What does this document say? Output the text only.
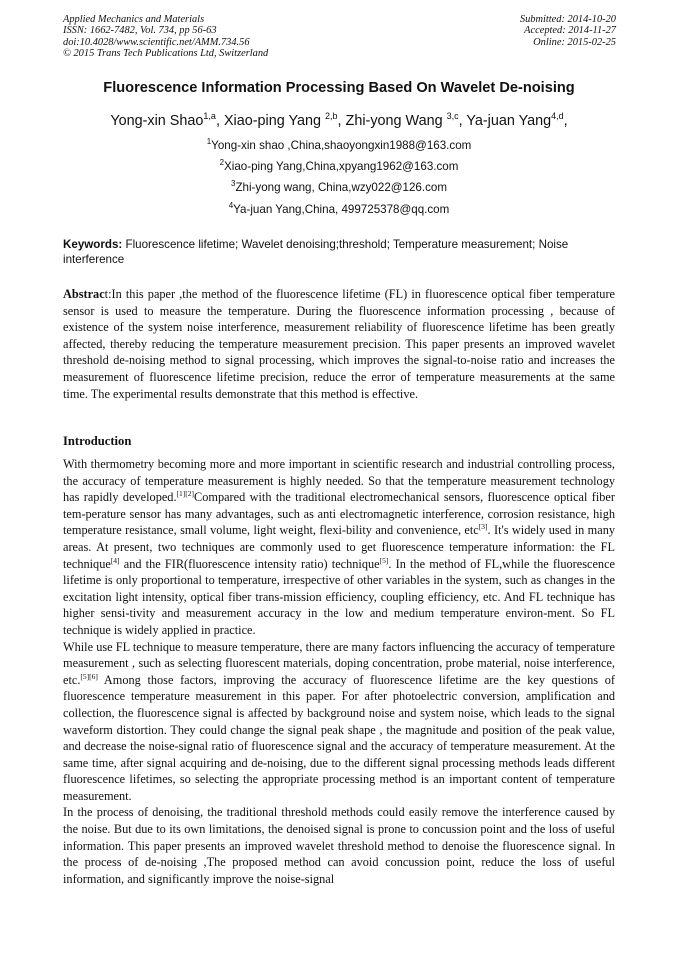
Applied Mechanics and Materials
ISSN: 1662-7482, Vol. 734, pp 56-63
doi:10.4028/www.scientific.net/AMM.734.56
© 2015 Trans Tech Publications Ltd, Switzerland
Submitted: 2014-10-20
Accepted: 2014-11-27
Online: 2015-02-25
Fluorescence Information Processing Based On Wavelet De-noising
Yong-xin Shao$^{1,a}$, Xiao-ping Yang $^{2,b}$, Zhi-yong Wang $^{3,c}$, Ya-juan Yang$^{4,d}$,
$^1$Yong-xin shao ,China,shaoyongxin1988@163.com
$^2$Xiao-ping Yang,China,xpyang1962@163.com
$^3$Zhi-yong wang, China,wzy022@126.com
$^4$Ya-juan Yang,China, 499725378@qq.com
Keywords: Fluorescence lifetime; Wavelet denoising;threshold; Temperature measurement; Noise interference

Abstract:In this paper ,the method of the fluorescence lifetime (FL) in fluorescence optical fiber temperature sensor is used to measure the temperature. During the fluorescence information processing , because of existence of the system noise interference, measurement reliability of fluorescence lifetime has been greatly affected, thereby reducing the temperature measurement precision. This paper presents an improved wavelet threshold de-noising method to signal processing, which improves the signal-to-noise ratio and increases the measurement of fluorescence lifetime precision, reduce the error of temperature measurements at the same time. The experimental results demonstrate that this method is effective.

Introduction

With thermometry becoming more and more important in scientific research and industrial controlling process, the accuracy of temperature measurement is highly needed. So that the temperature measurement technology has rapidly developed.[1][2]Compared with the traditional electromechanical sensors, fluorescence optical fiber tem-perature sensor has many advantages, such as anti electromagnetic interference, corrosion resistance, high temperature resistance, small volume, light weight, flexi-bility and convenience, etc[3]. It's widely used in many areas. At present, two techniques are commonly used to get fluorescence temperature information: the FL technique[4] and the FIR(fluorescence intensity ratio) technique[5]. In the method of FL,while the fluorescence lifetime is only proportional to temperature, irrespective of other variables in the system, such as changes in the excitation light intensity, optical fiber trans-mission efficiency, coupling efficiency, etc. And FL technique has higher sensi-tivity and measurement accuracy in the low and medium temperature environ-ment. So FL technique is widely applied in practice.

While use FL technique to measure temperature, there are many factors influencing the accuracy of temperature measurement , such as selecting fluorescent materials, doping concentration, probe material, noise interference, etc.[5][6] Among those factors, improving the accuracy of fluorescence lifetime are the key questions of fluorescence temperature measurement in this paper. For after photoelectric conversion, amplification and collection, the fluorescence signal is affected by background noise and system noise, which leads to the signal waveform distortion. They could change the signal peak shape , the magnitude and position of the peak value, and decrease the noise-signal ratio of fluorescence signal and the accuracy of temperature measurement. At the same time, after signal acquiring and de-noising, due to the different signal processing methods leads different fluorescence lifetimes, so selecting the appropriate processing method is an important content of temperature measurement.

In the process of denoising, the traditional threshold methods could easily remove the interference caused by the noise. But due to its own limitations, the denoised signal is prone to concussion point and the loss of useful information. This paper presents an improved wavelet threshold method to denoise the fluorescence signal. In the process of de-noising ,The proposed method can avoid concussion point, reduce the loss of useful information, and significantly improve the noise-signal
